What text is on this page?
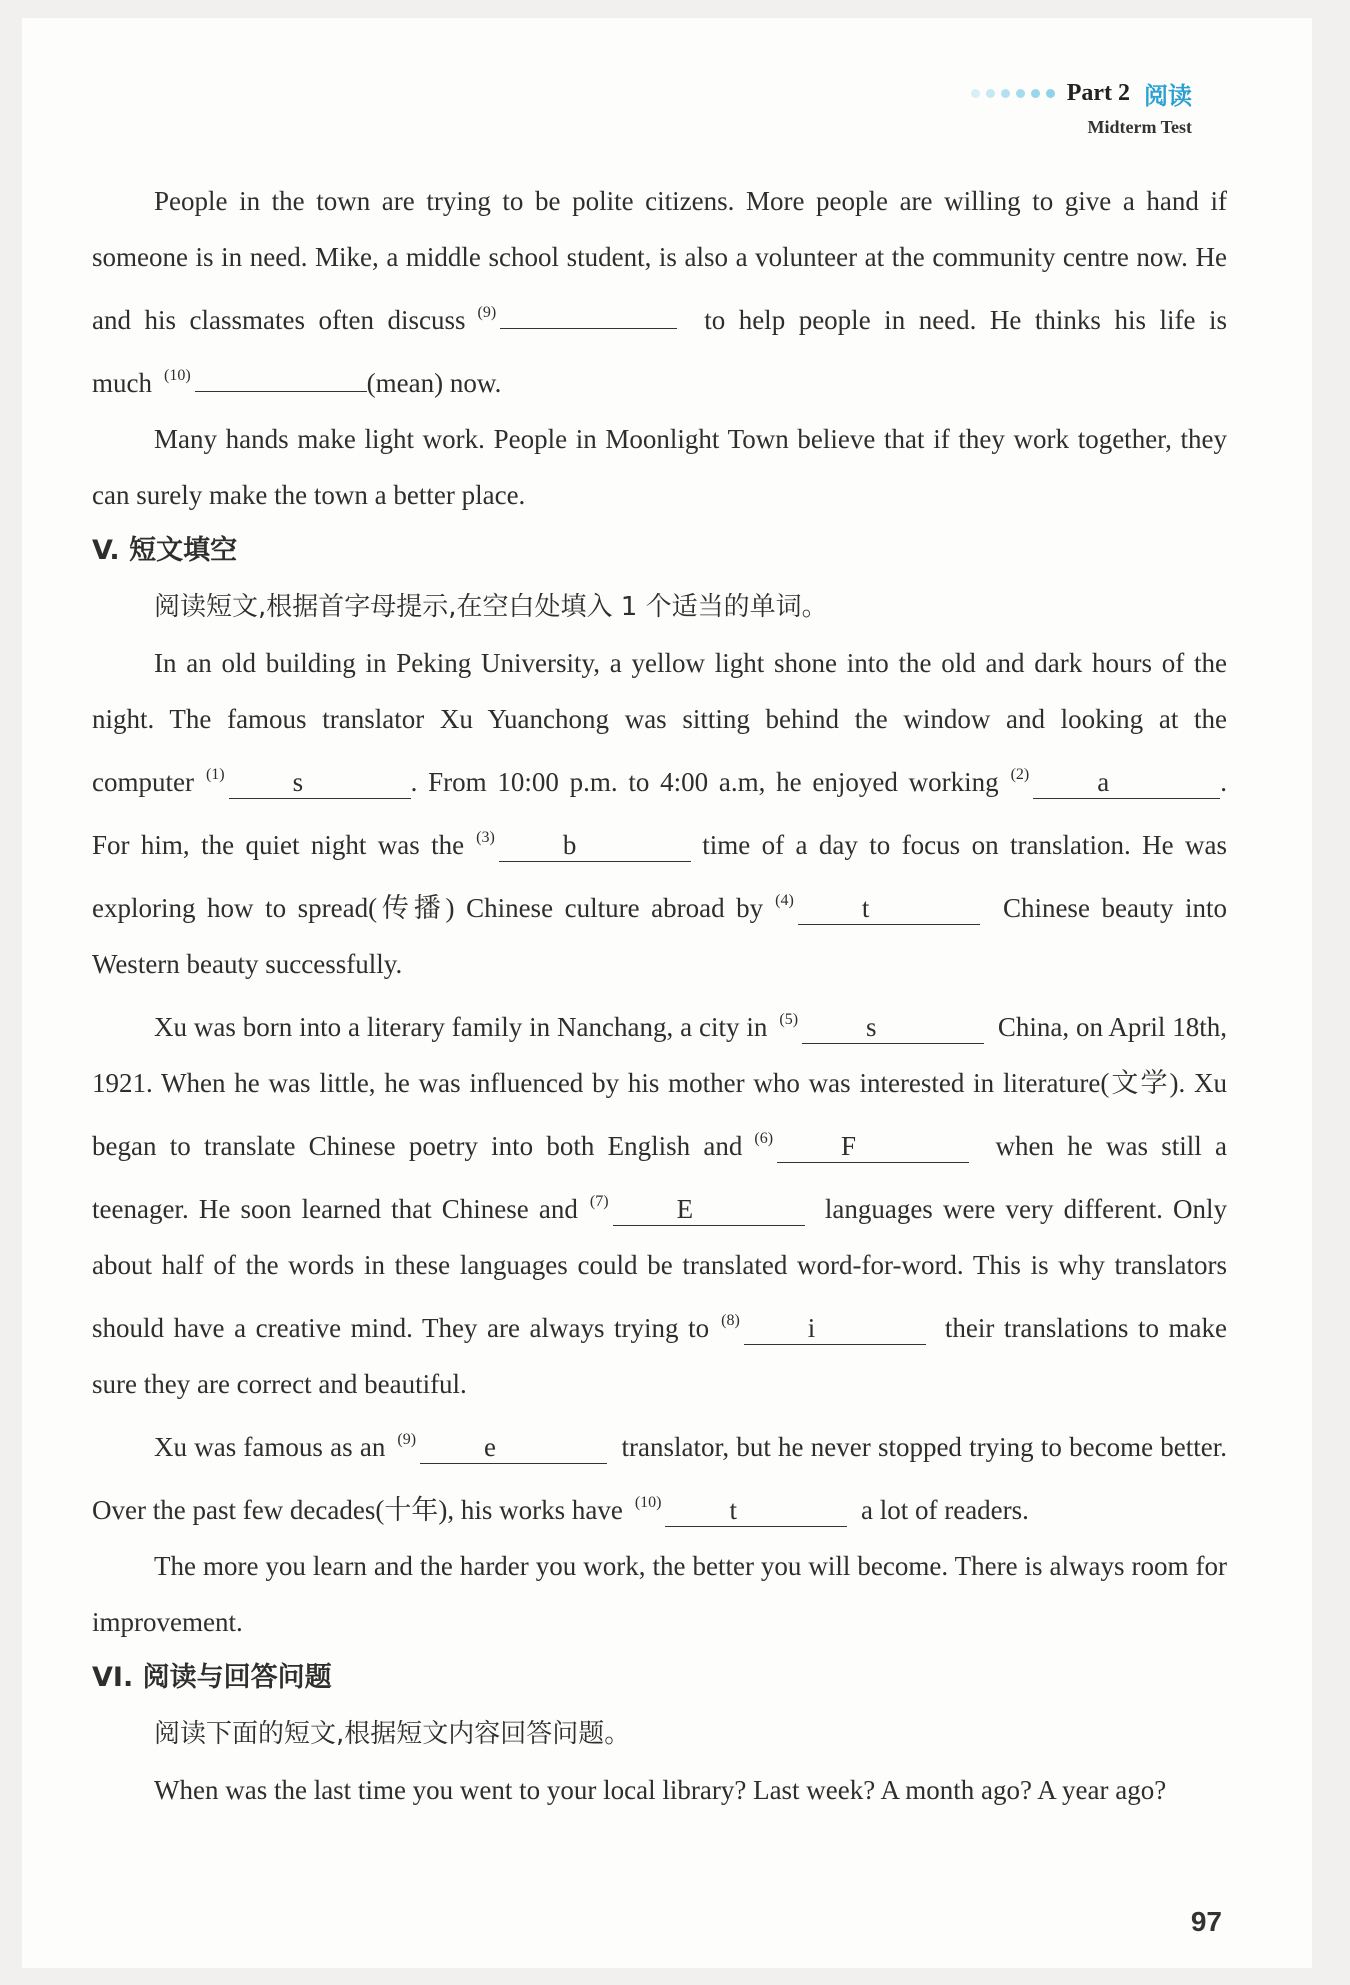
Part 2 阅读
Midterm Test

People in the town are trying to be polite citizens. More people are willing to give a hand if someone is in need. Mike, a middle school student, is also a volunteer at the community centre now. He and his classmates often discuss $^{(9)}$	to help people in need. He thinks his life is much $^{(10)}$	(mean) now.

Many hands make light work. People in Moonlight Town believe that if they work together, they can surely make the town a better place.

V. 短文填空

阅读短文,根据首字母提示,在空白处填入 1 个适当的单词。

In an old building in Peking University, a yellow light shone into the old and dark hours of the night. The famous translator Xu Yuanchong was sitting behind the window and looking at the computer $^{(1)}$	s	. From 10:00 p.m. to 4:00 a.m, he enjoyed working $^{(2)}$	a	. For him, the quiet night was the $^{(3)}$	b	time of a day to focus on translation. He was exploring how to spread(传播) Chinese culture abroad by $^{(4)}$	t	Chinese beauty into Western beauty successfully.

Xu was born into a literary family in Nanchang, a city in $^{(5)}$	s	China, on April 18th, 1921. When he was little, he was influenced by his mother who was interested in literature(文学). Xu began to translate Chinese poetry into both English and $^{(6)}$	F	when he was still a teenager. He soon learned that Chinese and $^{(7)}$	E	languages were very different. Only about half of the words in these languages could be translated word-for-word. This is why translators should have a creative mind. They are always trying to $^{(8)}$	i	their translations to make sure they are correct and beautiful.

Xu was famous as an $^{(9)}$	e	translator, but he never stopped trying to become better. Over the past few decades(十年), his works have $^{(10)}$	t	a lot of readers.

The more you learn and the harder you work, the better you will become. There is always room for improvement.

VI. 阅读与回答问题

阅读下面的短文,根据短文内容回答问题。

When was the last time you went to your local library? Last week? A month ago? A year ago?

97
